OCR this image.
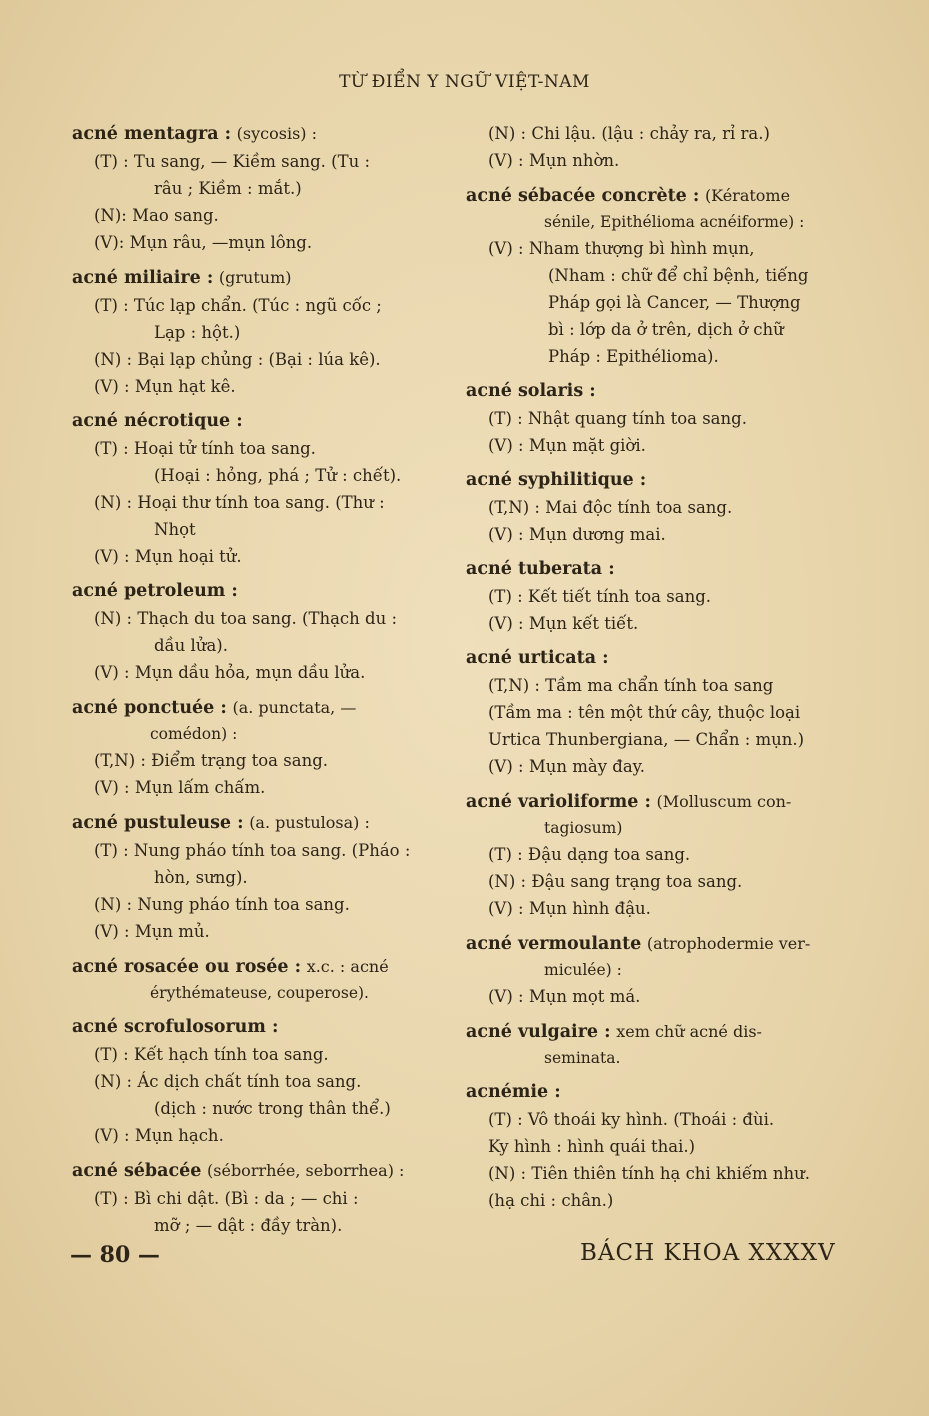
TỪ ĐIỂN Y NGỮ VIỆT-NAM
acné mentagra : (sycosis) :
(T) : Tu sang, — Kiềm sang. (Tu :
râu ; Kiềm : mắt.)
(N): Mao sang.
(V): Mụn râu, —mụn lông.
acné miliaire : (grutum)
(T) : Túc lạp chẩn. (Túc : ngũ cốc ;
Lạp : hột.)
(N) : Bại lạp chủng : (Bại : lúa kê).
(V) : Mụn hạt kê.
acné nécrotique :
(T) : Hoại tử tính toa sang.
(Hoại : hỏng, phá ; Tử : chết).
(N) : Hoại thư tính toa sang. (Thư :
Nhọt
(V) : Mụn hoại tử.
acné petroleum :
(N) : Thạch du toa sang. (Thạch du :
dầu lửa).
(V) : Mụn dầu hỏa, mụn dầu lửa.
acné ponctuée : (a. punctata, —
comédon) :
(T,N) : Điểm trạng toa sang.
(V) : Mụn lấm chấm.
acné pustuleuse : (a. pustulosa) :
(T) : Nung pháo tính toa sang. (Pháo :
hòn, sưng).
(N) : Nung pháo tính toa sang.
(V) : Mụn mủ.
acné rosacée ou rosée : x.c. : acné
érythémateuse, couperose).
acné scrofulosorum :
(T) : Kết hạch tính toa sang.
(N) : Ác dịch chất tính toa sang.
(dịch : nước trong thân thể.)
(V) : Mụn hạch.
acné sébacée (séborrhée, seborrhea) :
(T) : Bì chi dật. (Bì : da ; — chi :
mỡ ; — dật : đầy tràn).
(N) : Chi lậu. (lậu : chảy ra, rỉ ra.)
(V) : Mụn nhờn.
acné sébacée concrète : (Kératome
sénile, Epithélioma acnéiforme) :
(V) : Nham thượng bì hình mụn,
(Nham : chữ để chỉ bệnh, tiếng
Pháp gọi là Cancer, — Thượng
bì : lớp da ở trên, dịch ở chữ
Pháp : Epithélioma).
acné solaris :
(T) : Nhật quang tính toa sang.
(V) : Mụn mặt giời.
acné syphilitique :
(T,N) : Mai độc tính toa sang.
(V) : Mụn dương mai.
acné tuberata :
(T) : Kết tiết tính toa sang.
(V) : Mụn kết tiết.
acné urticata :
(T,N) : Tầm ma chẩn tính toa sang
(Tầm ma : tên một thứ cây, thuộc loại
Urtica Thunbergiana, — Chẩn : mụn.)
(V) : Mụn mày đay.
acné varioliforme : (Molluscum con-
tagiosum)
(T) : Đậu dạng toa sang.
(N) : Đậu sang trạng toa sang.
(V) : Mụn hình đậu.
acné vermoulante (atrophodermie ver-
miculée) :
(V) : Mụn mọt má.
acné vulgaire : xem chữ acné dis-
seminata.
acnémie :
(T) : Vô thoái ky hình. (Thoái : đùi.
Ky hình : hình quái thai.)
(N) : Tiên thiên tính hạ chi khiếm như.
(hạ chi : chân.)
— 80 —	BÁCH KHOA XXXXV
